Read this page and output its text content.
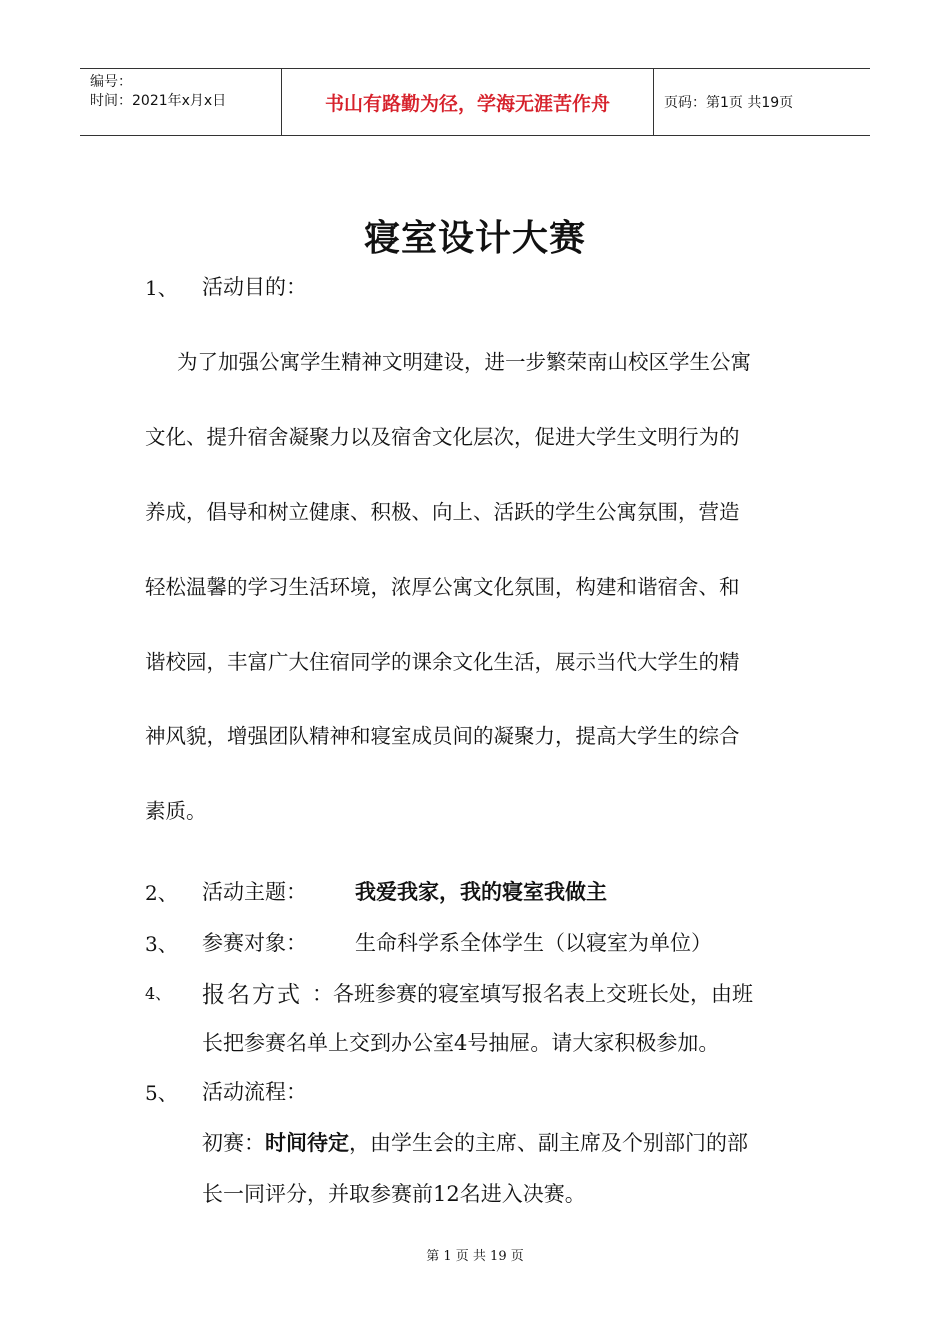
编号：
时间：2021年x月x日	书山有路勤为径，学海无涯苦作舟	页码：第1页 共19页
寝室设计大赛
1、 活动目的：
为了加强公寓学生精神文明建设，进一步繁荣南山校区学生公寓
文化、提升宿舍凝聚力以及宿舍文化层次，促进大学生文明行为的
养成，倡导和树立健康、积极、向上、活跃的学生公寓氛围，营造
轻松温馨的学习生活环境，浓厚公寓文化氛围，构建和谐宿舍、和
谐校园，丰富广大住宿同学的课余文化生活，展示当代大学生的精
神风貌，增强团队精神和寝室成员间的凝聚力，提高大学生的综合
素质。
2、 活动主题： 我爱我家，我的寝室我做主
3、 参赛对象： 生命科学系全体学生（以寝室为单位）
4、 报名方式 ：各班参赛的寝室填写报名表上交班长处，由班
长把参赛名单上交到办公室4号抽屉。请大家积极参加。
5、 活动流程：
初赛：时间待定，由学生会的主席、副主席及个别部门的部
长一同评分，并取参赛前12名进入决赛。
第 1 页 共 19 页
